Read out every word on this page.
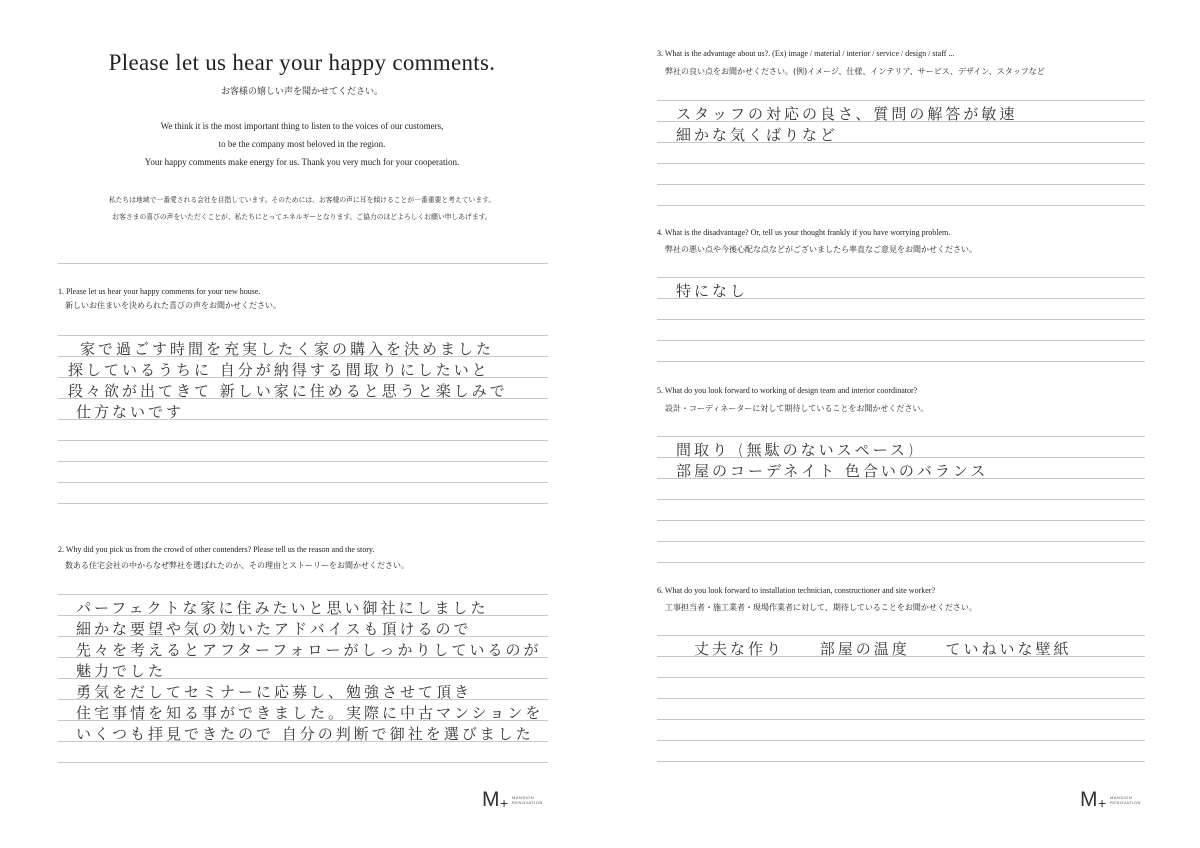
Please let us hear your happy comments.
お客様の嬉しい声を聞かせてください。
We think it is the most important thing to listen to the voices of our customers,
to be the company most beloved in the region.
Your happy comments make energy for us. Thank you very much for your cooperation.
私たちは地域で一番愛される会社を目指しています。そのためには、お客様の声に耳を傾けることが一番重要と考えています。
お客さまの喜びの声をいただくことが、私たちにとってエネルギーとなります。ご協力のほどよろしくお願い申しあげます。
1. Please let us hear your happy comments for your new house.
新しいお住まいを決められた喜びの声をお聞かせください。
家で過ごす時間を充実したく家の購入を決めました
探しているうちに 自分が納得する間取りにしたいと
段々欲が出てきて 新しい家に住めると思うと楽しみで
仕方ないです
2. Why did you pick us from the crowd of other contenders? Please tell us the reason and the story.
数ある住宅会社の中からなぜ弊社を選ばれたのか、その理由とストーリーをお聞かせください。
パーフェクトな家に住みたいと思い御社にしました
細かな要望や気の効いたアドバイスも頂けるので
先々を考えるとアフターフォローがしっかりしているのが
魅力でした
勇気をだしてセミナーに応募し、勉強させて頂き
住宅事情を知る事ができました。実際に中古マンションを
いくつも拝見できたので 自分の判断で御社を選びました
M + MANSION
RENOVATION
3. What is the advantage about us?. (Ex) image / material / interior / service / design / staff ...
弊社の良い点をお聞かせください。(例)イメージ、仕様、インテリア、サービス、デザイン、スタッフなど
スタッフの対応の良さ、質問の解答が敏速
細かな気くばりなど
4. What is the disadvantage? Or, tell us your thought frankly if you have worrying problem.
弊社の悪い点や今後心配な点などがございましたら率直なご意見をお聞かせください。
特になし
5. What do you look forward to working of design team and interior coordinator?
設計・コーディネーターに対して期待していることをお聞かせください。
間取り (無駄のないスペース)
部屋のコーデネイト 色合いのバランス
6. What do you look forward to installation technician, constructioner and site worker?
工事担当者・施工業者・現場作業者に対して、期待していることをお聞かせください。
丈夫な作り 部屋の温度 ていねいな壁紙
M + MANSION
RENOVATION
